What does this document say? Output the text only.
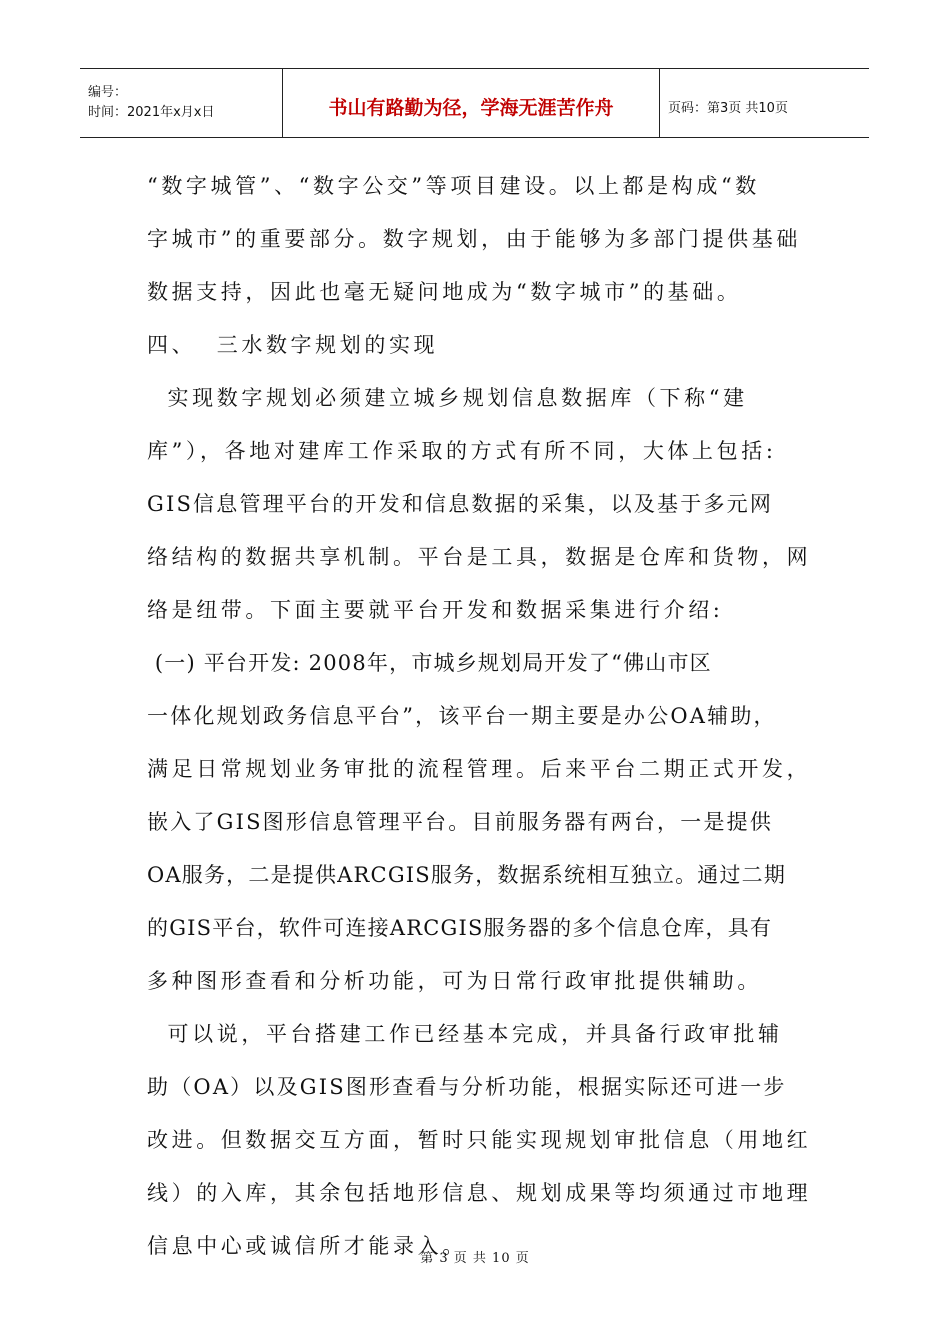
编号：
时间：2021年x月x日	书山有路勤为径，学海无涯苦作舟	页码：第3页 共10页
“数字城管”、“数字公交”等项目建设。以上都是构成“数
字城市”的重要部分。数字规划，由于能够为多部门提供基础
数据支持，因此也毫无疑问地成为“数字城市”的基础。
四、  三水数字规划的实现
实现数字规划必须建立城乡规划信息数据库（下称“建
库”），各地对建库工作采取的方式有所不同，大体上包括:
GIS信息管理平台的开发和信息数据的采集，以及基于多元网
络结构的数据共享机制。平台是工具，数据是仓库和货物，网
络是纽带。下面主要就平台开发和数据采集进行介绍:
(一) 平台开发: 2008年，市城乡规划局开发了“佛山市区
一体化规划政务信息平台”，该平台一期主要是办公OA辅助，
满足日常规划业务审批的流程管理。后来平台二期正式开发，
嵌入了GIS图形信息管理平台。目前服务器有两台，一是提供
OA服务，二是提供ARCGIS服务，数据系统相互独立。通过二期
的GIS平台，软件可连接ARCGIS服务器的多个信息仓库，具有
多种图形查看和分析功能，可为日常行政审批提供辅助。
可以说，平台搭建工作已经基本完成，并具备行政审批辅
助（OA）以及GIS图形查看与分析功能，根据实际还可进一步
改进。但数据交互方面，暂时只能实现规划审批信息（用地红
线）的入库，其余包括地形信息、规划成果等均须通过市地理
信息中心或诚信所才能录入。
第 3 页 共 10 页
